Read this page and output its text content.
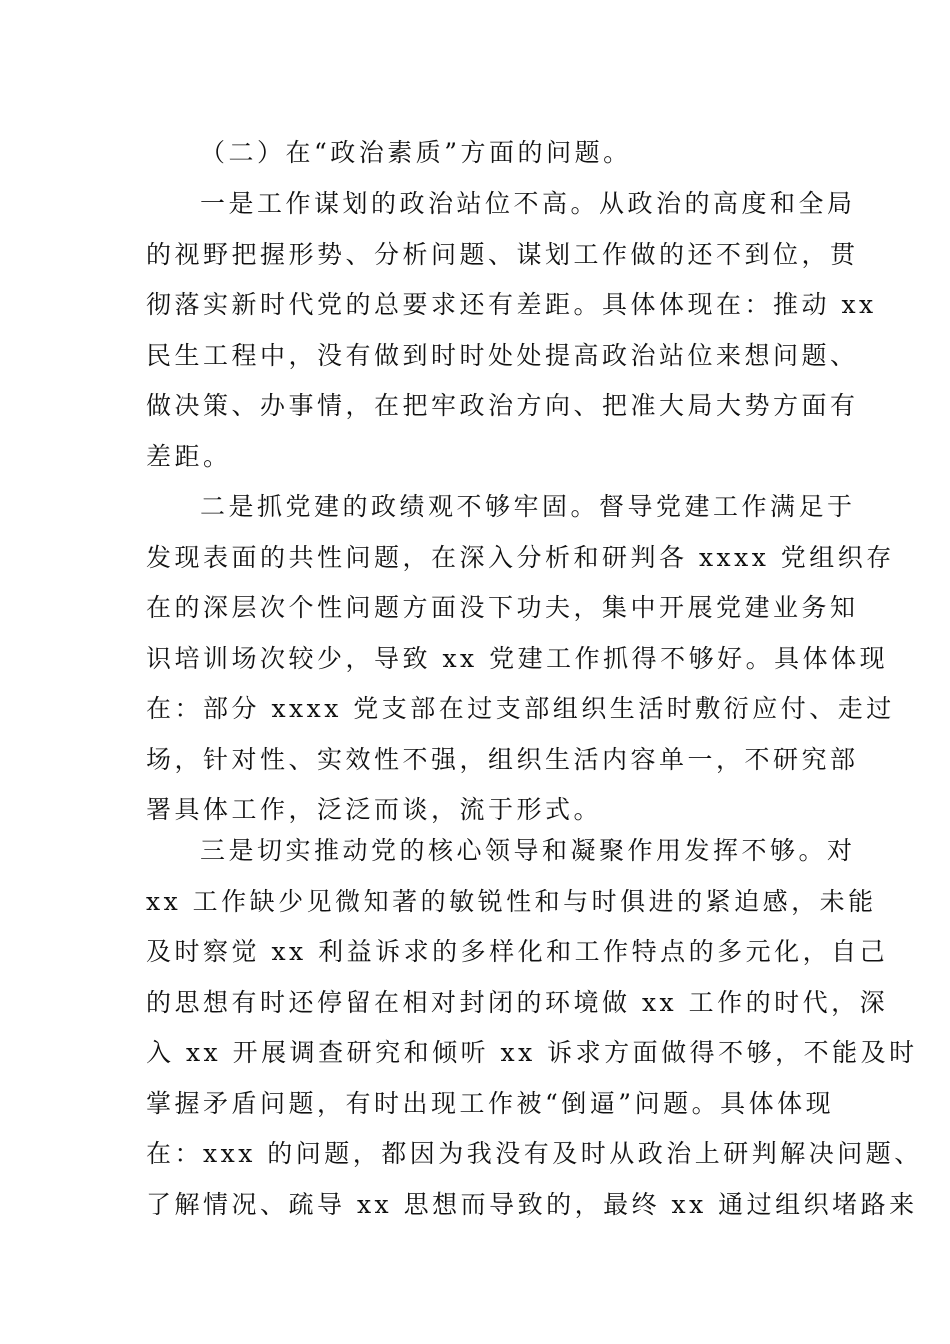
（二）在“政治素质”方面的问题。
一是工作谋划的政治站位不高。从政治的高度和全局
的视野把握形势、分析问题、谋划工作做的还不到位，贯
彻落实新时代党的总要求还有差距。具体体现在：推动 xx
民生工程中，没有做到时时处处提高政治站位来想问题、
做决策、办事情，在把牢政治方向、把准大局大势方面有
差距。
二是抓党建的政绩观不够牢固。督导党建工作满足于
发现表面的共性问题，在深入分析和研判各 xxxx 党组织存
在的深层次个性问题方面没下功夫，集中开展党建业务知
识培训场次较少，导致 xx 党建工作抓得不够好。具体体现
在：部分 xxxx 党支部在过支部组织生活时敷衍应付、走过
场，针对性、实效性不强，组织生活内容单一，不研究部
署具体工作，泛泛而谈，流于形式。
三是切实推动党的核心领导和凝聚作用发挥不够。对
xx 工作缺少见微知著的敏锐性和与时俱进的紧迫感，未能
及时察觉 xx 利益诉求的多样化和工作特点的多元化，自己
的思想有时还停留在相对封闭的环境做 xx 工作的时代，深
入 xx 开展调查研究和倾听 xx 诉求方面做得不够，不能及时
掌握矛盾问题，有时出现工作被“倒逼”问题。具体体现
在：xxx 的问题，都因为我没有及时从政治上研判解决问题、
了解情况、疏导 xx 思想而导致的，最终 xx 通过组织堵路来
